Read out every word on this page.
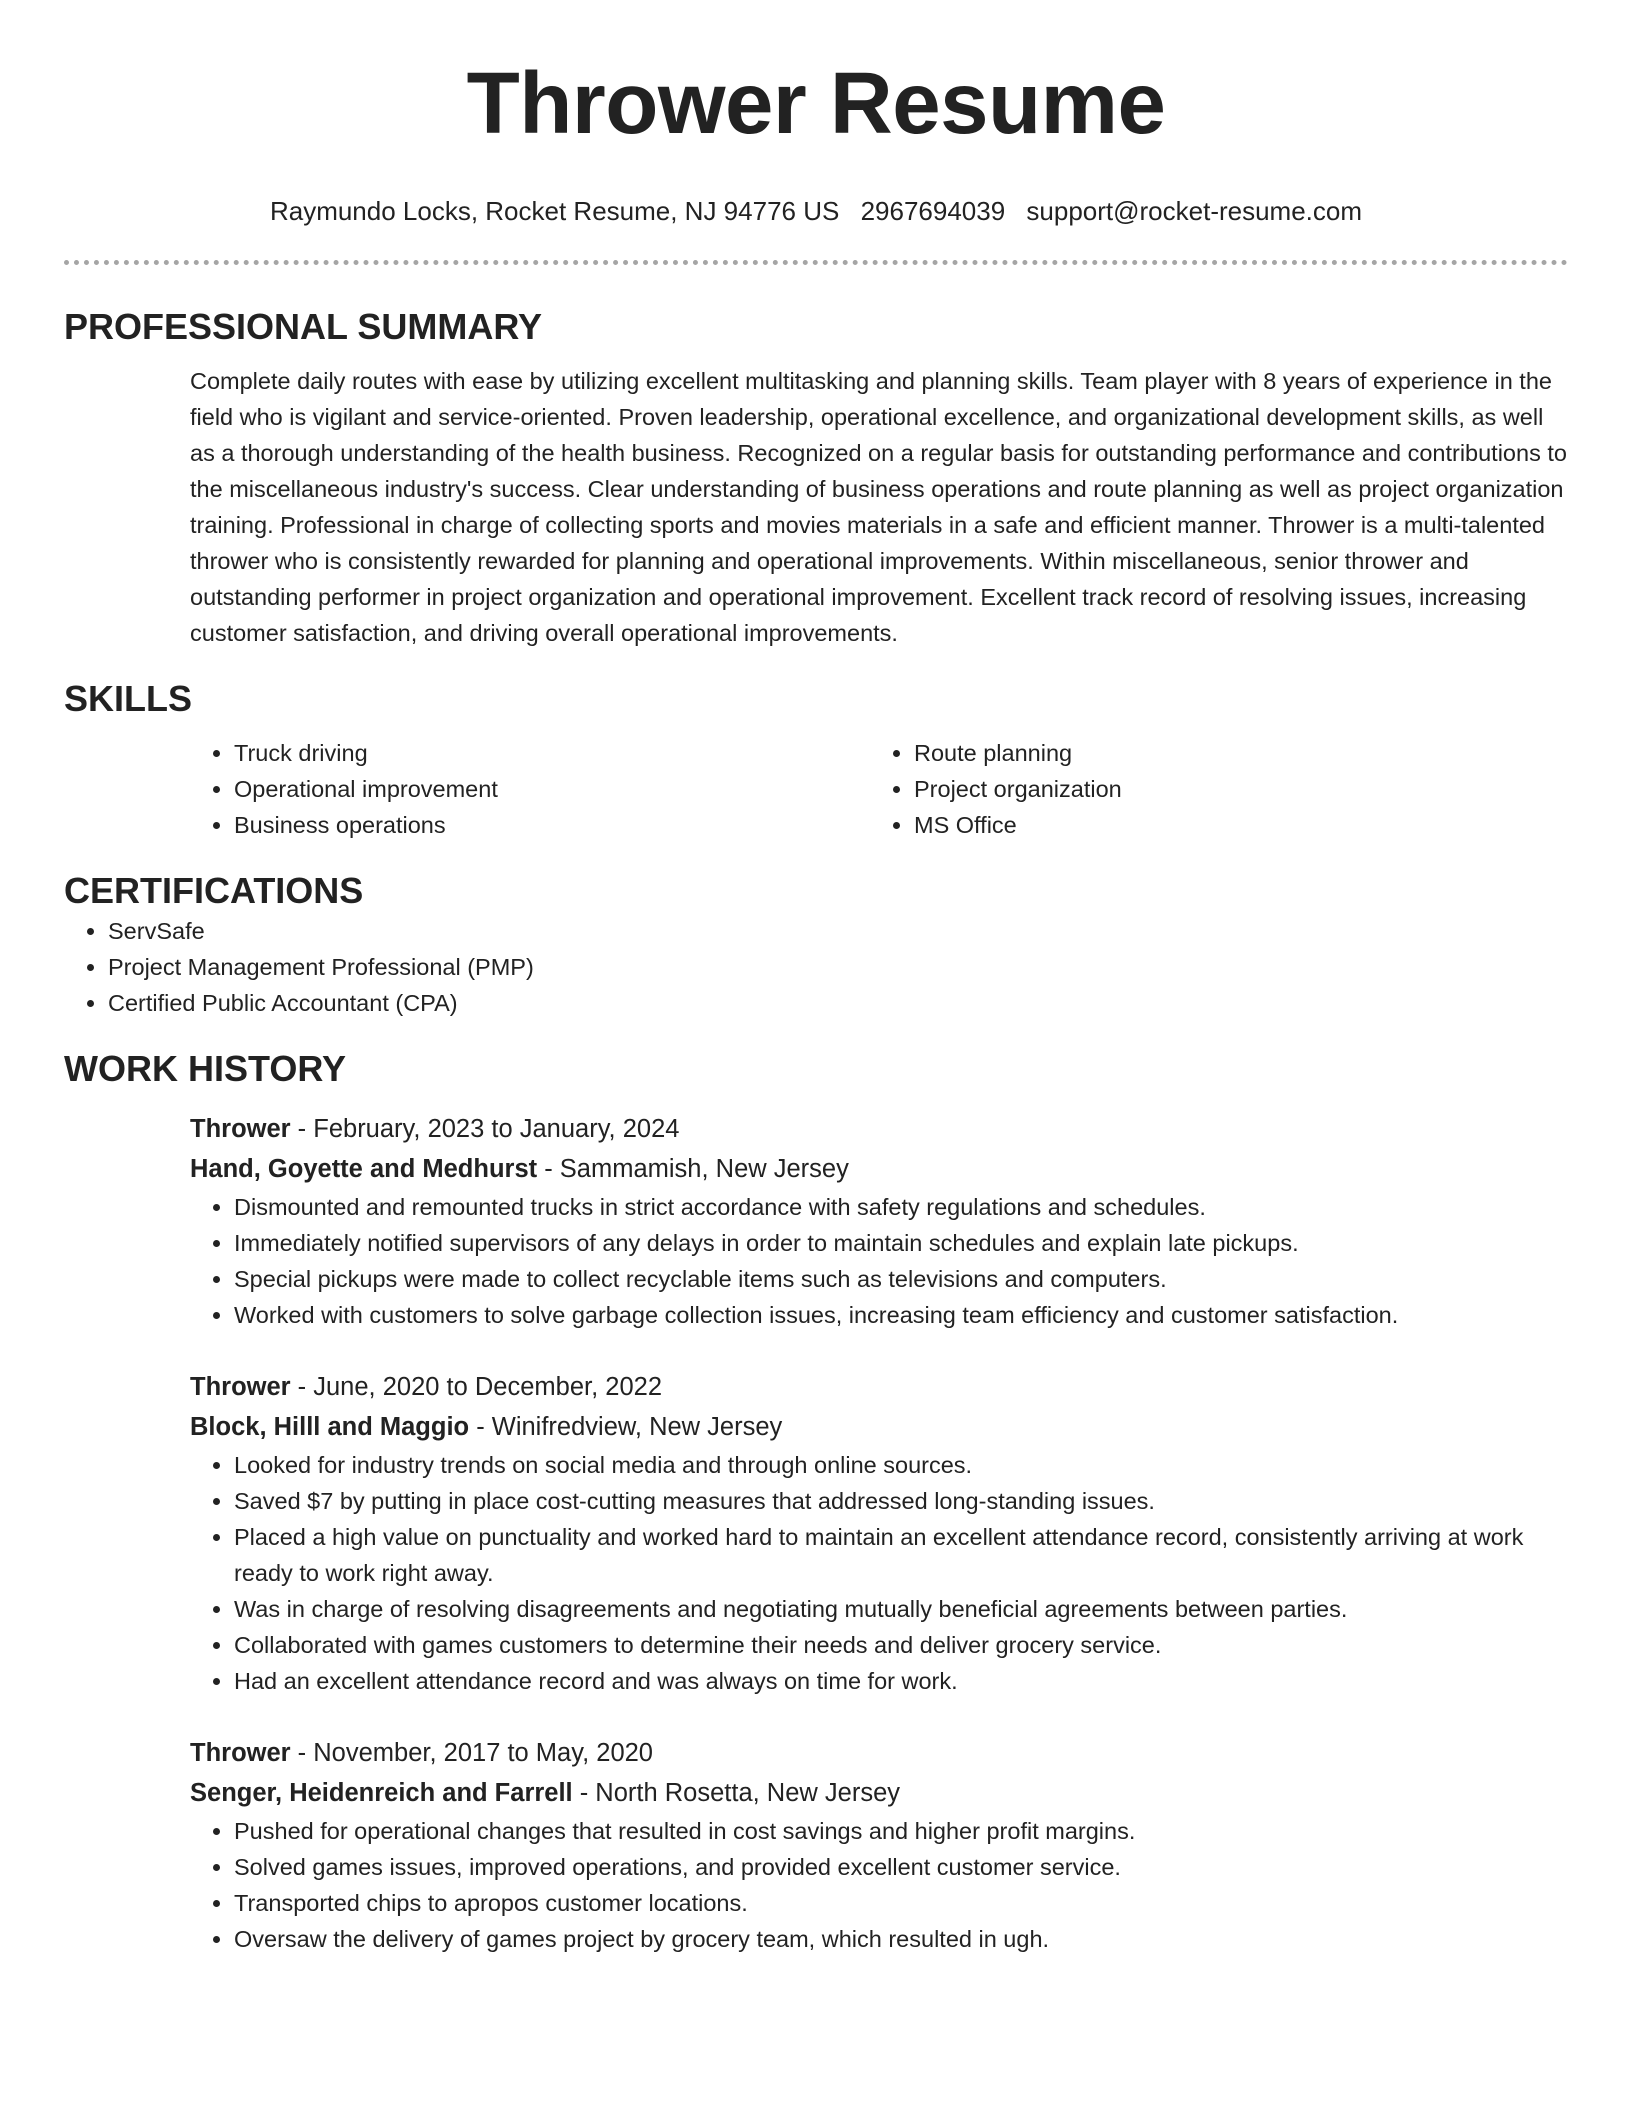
Thrower Resume
Raymundo Locks, Rocket Resume, NJ 94776 US 2967694039 support@rocket-resume.com
PROFESSIONAL SUMMARY

Complete daily routes with ease by utilizing excellent multitasking and planning skills. Team player with 8 years of experience in the field who is vigilant and service-oriented. Proven leadership, operational excellence, and organizational development skills, as well as a thorough understanding of the health business. Recognized on a regular basis for outstanding performance and contributions to the miscellaneous industry's success. Clear understanding of business operations and route planning as well as project organization training. Professional in charge of collecting sports and movies materials in a safe and efficient manner. Thrower is a multi-talented thrower who is consistently rewarded for planning and operational improvements. Within miscellaneous, senior thrower and outstanding performer in project organization and operational improvement. Excellent track record of resolving issues, increasing customer satisfaction, and driving overall operational improvements.

SKILLS
• Truck driving
• Operational improvement
• Business operations
• Route planning
• Project organization
• MS Office
CERTIFICATIONS
• ServSafe
• Project Management Professional (PMP)
• Certified Public Accountant (CPA)
WORK HISTORY
Thrower - February, 2023 to January, 2024
Hand, Goyette and Medhurst - Sammamish, New Jersey
• Dismounted and remounted trucks in strict accordance with safety regulations and schedules.
• Immediately notified supervisors of any delays in order to maintain schedules and explain late pickups.
• Special pickups were made to collect recyclable items such as televisions and computers.
• Worked with customers to solve garbage collection issues, increasing team efficiency and customer satisfaction.
Thrower - June, 2020 to December, 2022
Block, Hilll and Maggio - Winifredview, New Jersey
• Looked for industry trends on social media and through online sources.
• Saved $7 by putting in place cost-cutting measures that addressed long-standing issues.
• Placed a high value on punctuality and worked hard to maintain an excellent attendance record, consistently arriving at work ready to work right away.
• Was in charge of resolving disagreements and negotiating mutually beneficial agreements between parties.
• Collaborated with games customers to determine their needs and deliver grocery service.
• Had an excellent attendance record and was always on time for work.
Thrower - November, 2017 to May, 2020
Senger, Heidenreich and Farrell - North Rosetta, New Jersey
• Pushed for operational changes that resulted in cost savings and higher profit margins.
• Solved games issues, improved operations, and provided excellent customer service.
• Transported chips to apropos customer locations.
• Oversaw the delivery of games project by grocery team, which resulted in ugh.
